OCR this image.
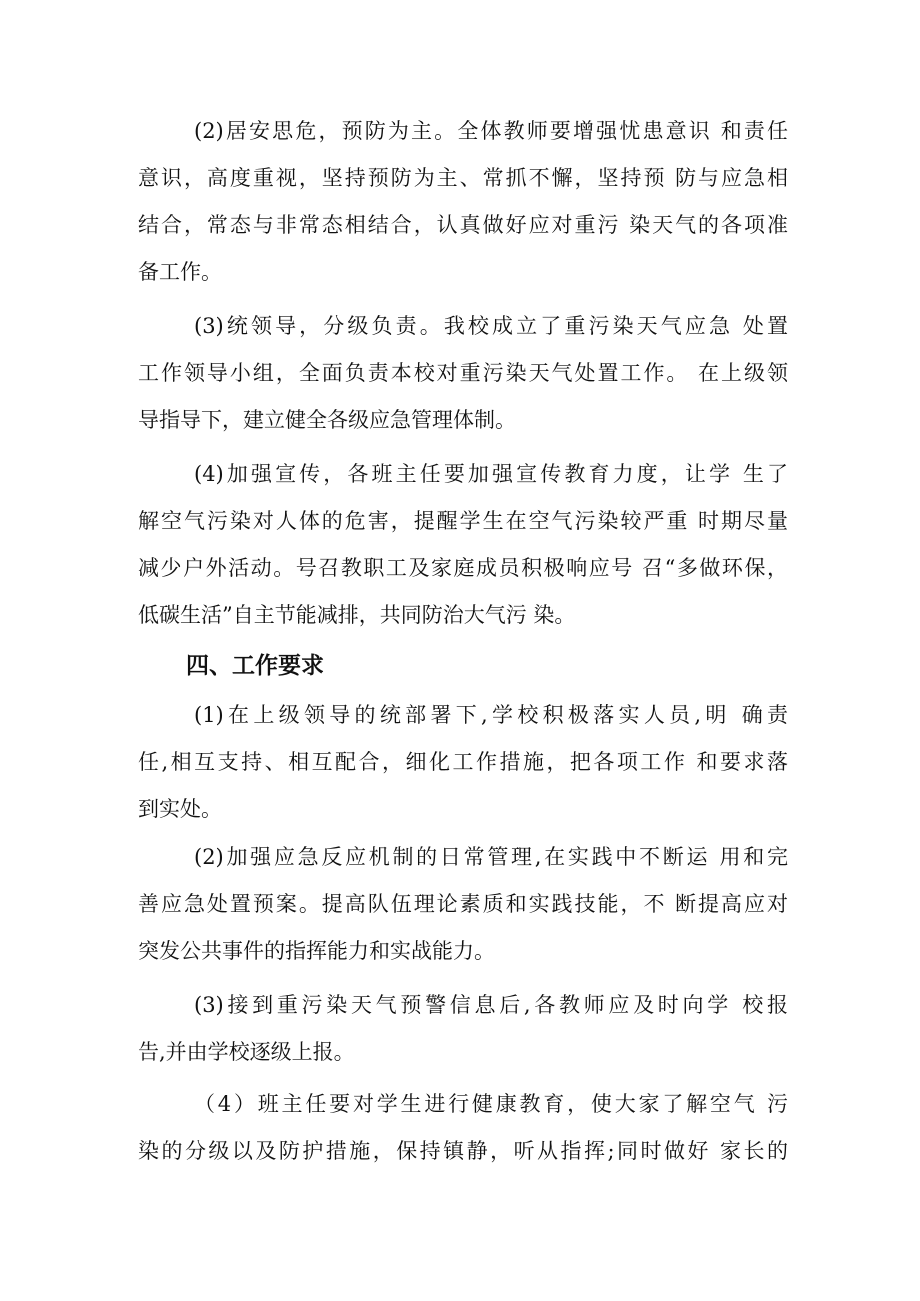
(2)居安思危，预防为主。全体教师要增强忧患意识 和责任
意识，高度重视，坚持预防为主、常抓不懈，坚持预 防与应急相
结合，常态与非常态相结合，认真做好应对重污 染天气的各项准
备工作。
(3)统领导，分级负责。我校成立了重污染天气应急 处置
工作领导小组，全面负责本校对重污染天气处置工作。 在上级领
导指导下，建立健全各级应急管理体制。
(4)加强宣传，各班主任要加强宣传教育力度，让学 生了
解空气污染对人体的危害，提醒学生在空气污染较严重 时期尽量
减少户外活动。号召教职工及家庭成员积极响应号 召“多做环保，
低碳生活”自主节能减排，共同防治大气污 染。
四、工作要求
(1)在上级领导的统部署下,学校积极落实人员,明 确责
任,相互支持、相互配合，细化工作措施，把各项工作 和要求落
到实处。
(2)加强应急反应机制的日常管理,在实践中不断运 用和完
善应急处置预案。提高队伍理论素质和实践技能，不 断提高应对
突发公共事件的指挥能力和实战能力。
(3)接到重污染天气预警信息后,各教师应及时向学 校报
告,并由学校逐级上报。
（4）班主任要对学生进行健康教育，使大家了解空气 污
染的分级以及防护措施，保持镇静，听从指挥;同时做好 家长的
